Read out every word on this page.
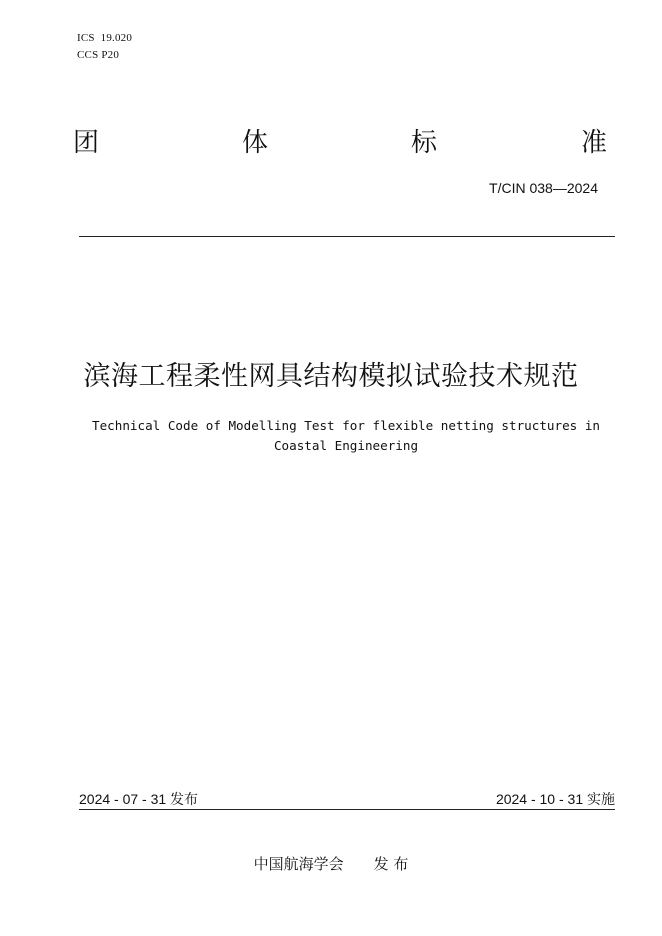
ICS  19.020
CCS P20
团	体	标	准
T/CIN 038—2024
滨海工程柔性网具结构模拟试验技术规范
Technical Code of Modelling Test for flexible netting structures in
Coastal Engineering
2024 - 07 - 31 发布	2024 - 10 - 31 实施
中国航海学会 发 布
